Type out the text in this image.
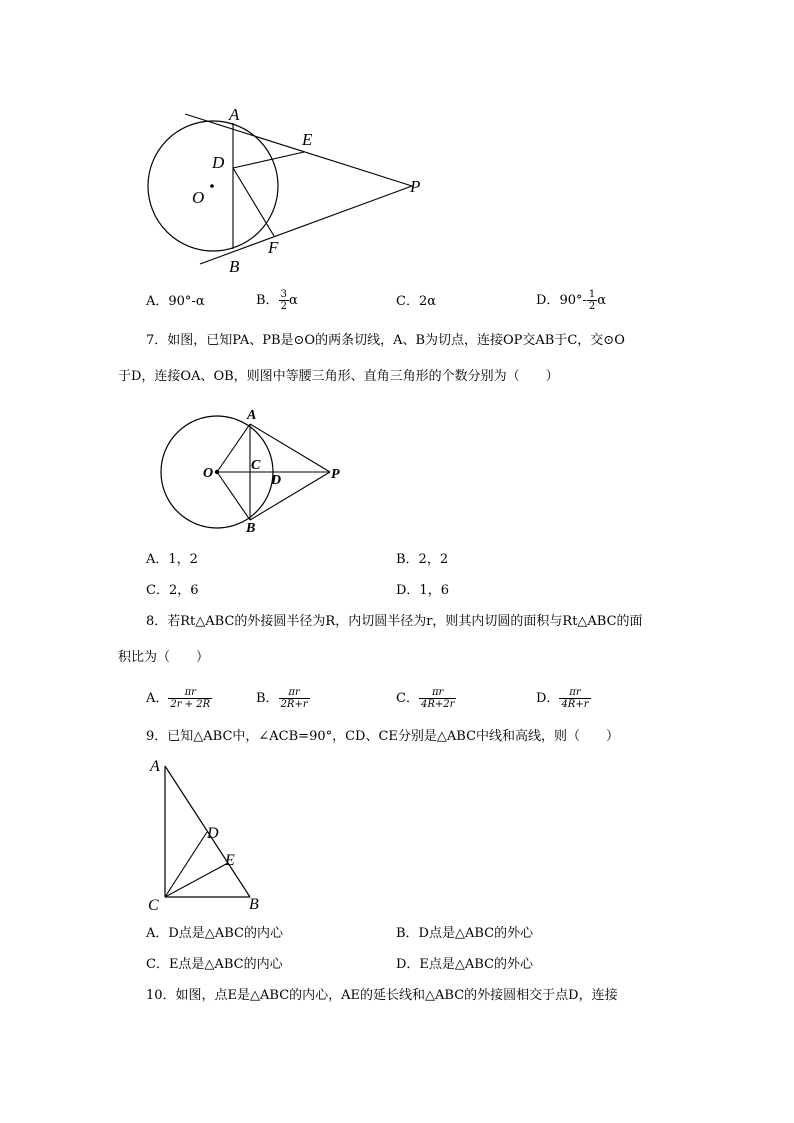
A
E
D
O
P
F
B
A．90°-α	B． $\frac{3}{2}$ α	C．2α	D．$90^\circ- \frac{1}{2}$ α
7．如图，已知PA、PB是⊙O的两条切线，A、B为切点，连接OP交AB于C，交⊙O
于D，连接OA、OB，则图中等腰三角形、直角三角形的个数分别为（　　）
A
O
C
D	P
B
A．1，2	B．2，2
C．2，6	D．1，6
8．若Rt△ABC的外接圆半径为R，内切圆半径为r，则其内切圆的面积与Rt△ABC的面
积比为（　　）
A． $\frac{\pi r}{2r + 2R}$	B． $\frac{\pi r}{2R+r}$	C． $\frac{\pi r}{4R+2r}$	D． $\frac{\pi r}{4R+r}$
9．已知△ABC中，∠ACB=90°，CD、CE分别是△ABC中线和高线，则（　　）
A
D
E
C	B
A．D点是△ABC的内心	B．D点是△ABC的外心
C．E点是△ABC的内心	D．E点是△ABC的外心
10．如图，点E是△ABC的内心，AE的延长线和△ABC的外接圆相交于点D，连接
